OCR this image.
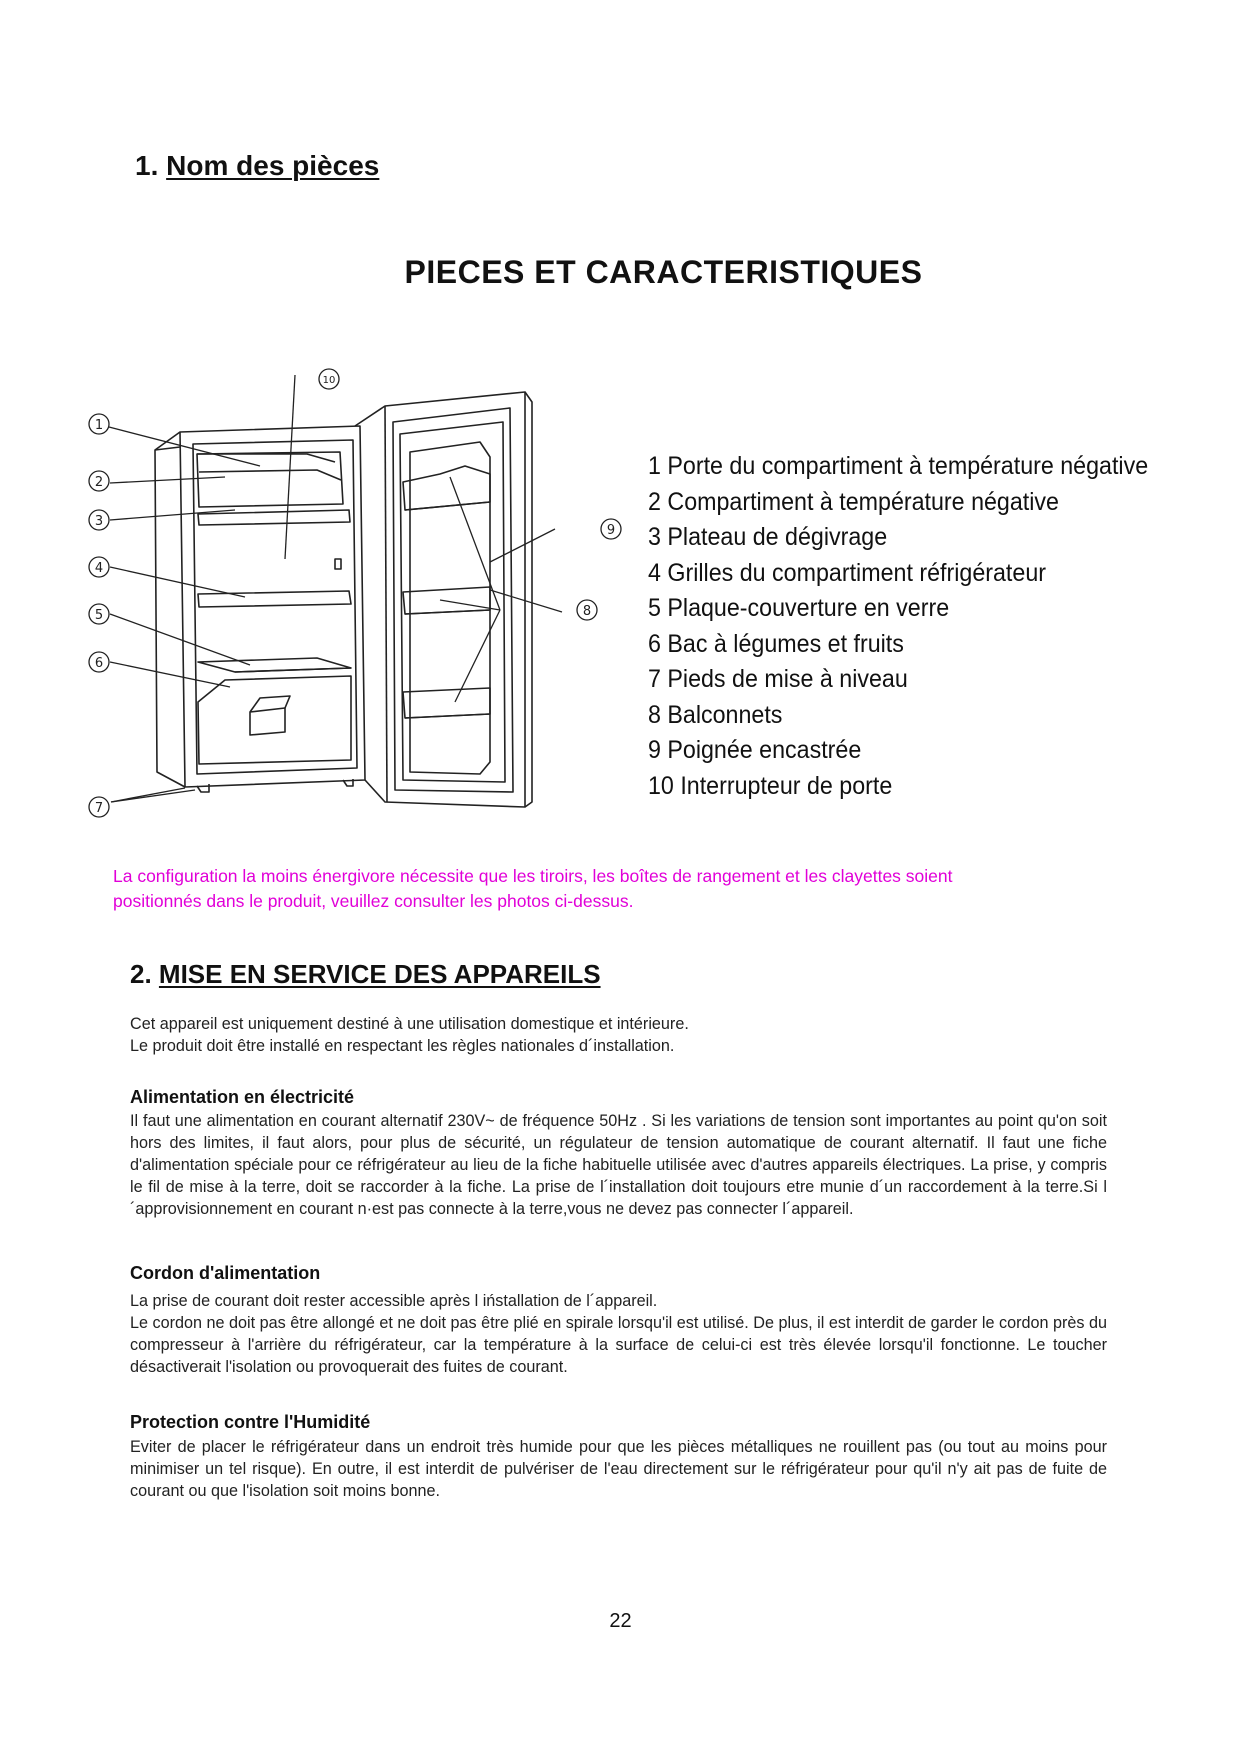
1. Nom des pièces
PIECES ET CARACTERISTIQUES
1
2
3
4
5
6
7
8
9
10
1 Porte du compartiment à température négative
2 Compartiment à température négative
3 Plateau de dégivrage
4 Grilles du compartiment réfrigérateur
5 Plaque-couverture en verre
6 Bac à légumes et fruits
7 Pieds de mise à niveau
8 Balconnets
9 Poignée encastrée
10 Interrupteur de porte
La configuration la moins énergivore nécessite que les tiroirs, les boîtes de rangement et les clayettes soient
positionnés dans le produit, veuillez consulter les photos ci-dessus.
2. MISE EN SERVICE DES APPAREILS
Cet appareil est uniquement destiné à une utilisation domestique et intérieure.
Le produit doit être installé en respectant les règles nationales d´installation.
Alimentation en électricité
Il faut une alimentation en courant alternatif 230V~ de fréquence 50Hz . Si les variations de tension sont importantes au point qu'on soit hors des limites, il faut alors, pour plus de sécurité, un régulateur de tension automatique de courant alternatif. Il faut une fiche d'alimentation spéciale pour ce réfrigérateur au lieu de la fiche habituelle utilisée avec d'autres appareils électriques. La prise, y compris le fil de mise à la terre, doit se raccorder à la fiche. La prise de l´installation doit toujours etre munie d´un raccordement à la terre.Si l´approvisionnement en courant n·est pas connecte à la terre,vous ne devez pas connecter l´appareil.
Cordon d'alimentation
La prise de courant doit rester accessible après l iństallation de l´appareil.
Le cordon ne doit pas être allongé et ne doit pas être plié en spirale lorsqu'il est utilisé. De plus, il est interdit de garder le cordon près du compresseur à l'arrière du réfrigérateur, car la température à la surface de celui-ci est très élevée lorsqu'il fonctionne. Le toucher désactiverait l'isolation ou provoquerait des fuites de courant.
Protection contre l'Humidité
Eviter de placer le réfrigérateur dans un endroit très humide pour que les pièces métalliques ne rouillent pas (ou tout au moins pour minimiser un tel risque). En outre, il est interdit de pulvériser de l'eau directement sur le réfrigérateur pour qu'il n'y ait pas de fuite de courant ou que l'isolation soit moins bonne.
22
